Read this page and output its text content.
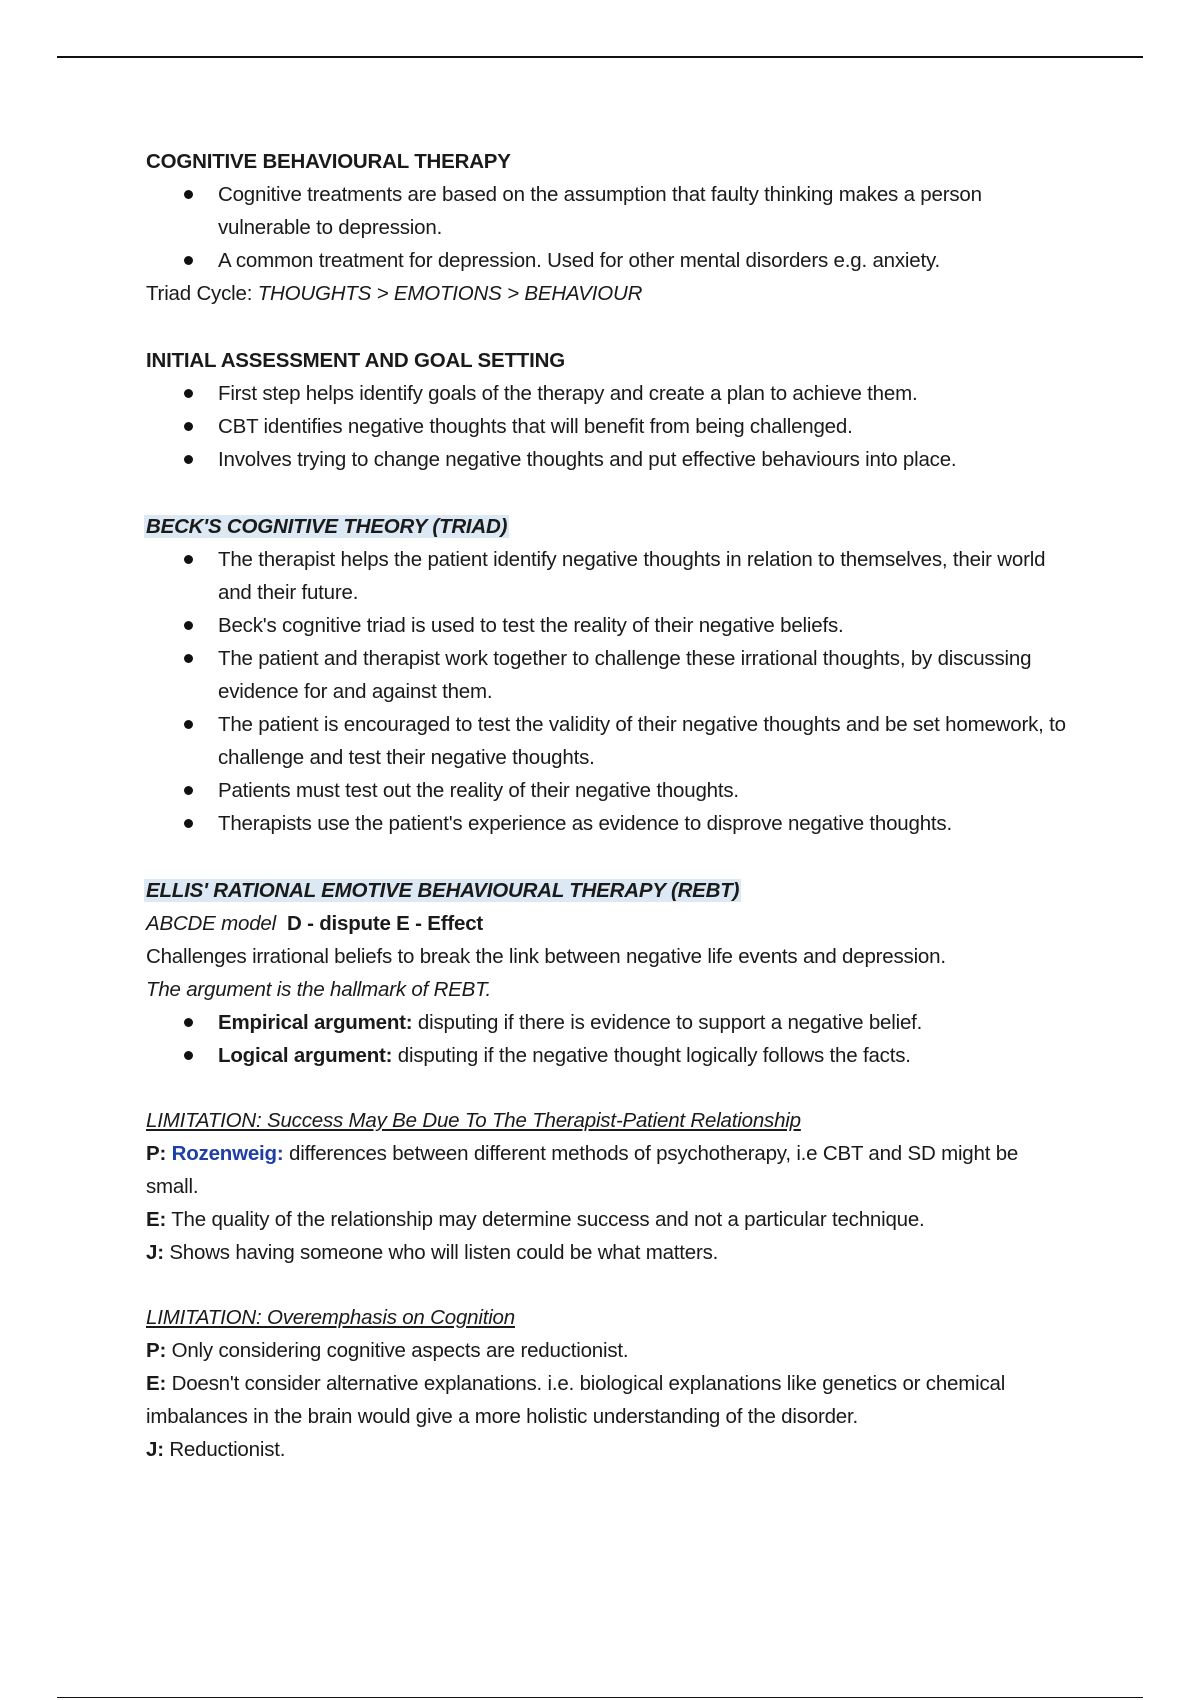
COGNITIVE BEHAVIOURAL THERAPY
Cognitive treatments are based on the assumption that faulty thinking makes a person vulnerable to depression.
A common treatment for depression. Used for other mental disorders e.g. anxiety.

Triad Cycle: THOUGHTS > EMOTIONS > BEHAVIOUR

INITIAL ASSESSMENT AND GOAL SETTING
First step helps identify goals of the therapy and create a plan to achieve them.
CBT identifies negative thoughts that will benefit from being challenged.
Involves trying to change negative thoughts and put effective behaviours into place.
BECK'S COGNITIVE THEORY (TRIAD)
The therapist helps the patient identify negative thoughts in relation to themselves, their world and their future.
Beck's cognitive triad is used to test the reality of their negative beliefs.
The patient and therapist work together to challenge these irrational thoughts, by discussing evidence for and against them.
The patient is encouraged to test the validity of their negative thoughts and be set homework, to challenge and test their negative thoughts.
Patients must test out the reality of their negative thoughts.
Therapists use the patient's experience as evidence to disprove negative thoughts.
ELLIS' RATIONAL EMOTIVE BEHAVIOURAL THERAPY (REBT)

ABCDE model D - dispute E - Effect

Challenges irrational beliefs to break the link between negative life events and depression.

The argument is the hallmark of REBT.

Empirical argument: disputing if there is evidence to support a negative belief.
Logical argument: disputing if the negative thought logically follows the facts.

LIMITATION: Success May Be Due To The Therapist-Patient Relationship

P: Rozenweig: differences between different methods of psychotherapy, i.e CBT and SD might be small.

E: The quality of the relationship may determine success and not a particular technique.

J: Shows having someone who will listen could be what matters.

LIMITATION: Overemphasis on Cognition

P: Only considering cognitive aspects are reductionist.

E: Doesn't consider alternative explanations. i.e. biological explanations like genetics or chemical imbalances in the brain would give a more holistic understanding of the disorder.

J: Reductionist.
